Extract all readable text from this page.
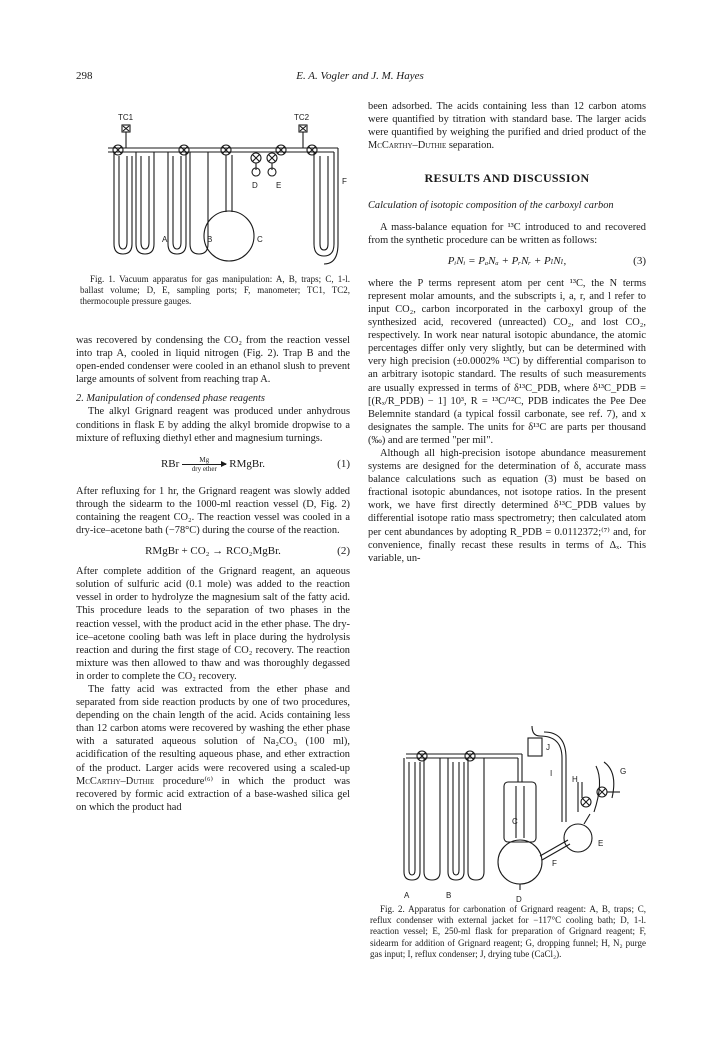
298	E. A. Vogler and J. M. Hayes
TC1	TC2
A	B	C
D E	F
Fig. 1. Vacuum apparatus for gas manipulation: A, B, traps; C, 1-l. ballast volume; D, E, sampling ports; F, manometer; TC1, TC2, thermocouple pressure gauges.

was recovered by condensing the CO₂ from the reaction vessel into trap A, cooled in liquid nitrogen (Fig. 2). Trap B and the open-ended condenser were cooled in an ethanol slush to prevent large amounts of solvent from reaching trap A.

2. Manipulation of condensed phase reagents

The alkyl Grignard reagent was produced under anhydrous conditions in flask E by adding the alkyl bromide dropwise to a mixture of refluxing diethyl ether and magnesium turnings.

RBr	Mg
dry ether RMgBr.	(1)

After refluxing for 1 hr, the Grignard reagent was slowly added through the sidearm to the 1000-ml reaction vessel (D, Fig. 2) containing the reagent CO₂. The reaction vessel was cooled in a dry-ice–acetone bath (−78°C) during the course of the reaction.

RMgBr + CO₂ → RCO₂MgBr.	(2)

After complete addition of the Grignard reagent, an aqueous solution of sulfuric acid (0.1 mole) was added to the reaction vessel in order to hydrolyze the magnesium salt of the fatty acid. This procedure leads to the separation of two phases in the reaction vessel, with the product acid in the ether phase. The dry-ice–acetone cooling bath was left in place during the hydrolysis reaction and during the first stage of CO₂ recovery. The reaction mixture was then allowed to thaw and was thoroughly degassed in order to complete the CO₂ recovery.

The fatty acid was extracted from the ether phase and separated from side reaction products by one of two procedures, depending on the chain length of the acid. Acids containing less than 12 carbon atoms were recovered by washing the ether phase with a saturated aqueous solution of Na₂CO₃ (100 ml), acidification of the resulting aqueous phase, and ether extraction of the product. Larger acids were recovered using a scaled-up McCarthy–Duthie procedure⁽⁶⁾ in which the product was recovered by formic acid extraction of a base-washed silica gel on which the product had

been adsorbed. The acids containing less than 12 carbon atoms were quantified by titration with standard base. The larger acids were quantified by weighing the purified and dried product of the McCarthy–Duthie separation.

RESULTS AND DISCUSSION

Calculation of isotopic composition of the carboxyl carbon

A mass-balance equation for ¹³C introduced to and recovered from the synthetic procedure can be written as follows:

PᵢNᵢ = PₐNₐ + PᵣNᵣ + PₗNₗ,	(3)

where the P terms represent atom per cent ¹³C, the N terms represent molar amounts, and the subscripts i, a, r, and l refer to input CO₂, carbon incorporated in the carboxyl group of the synthesized acid, recovered (unreacted) CO₂, and lost CO₂, respectively. In work near natural isotopic abundance, the atomic percentages differ only very slightly, but can be determined with very high precision (±0.0002% ¹³C) by differential comparison to an arbitrary isotopic standard. The results of such measurements are usually expressed in terms of δ¹³C_PDB, where δ¹³C_PDB = [(Rₓ/R_PDB) − 1] 10³, R = ¹³C/¹²C, PDB indicates the Pee Dee Belemnite standard (a typical fossil carbonate, see ref. 7), and x designates the sample. The units for δ¹³C are parts per thousand (‰) and are termed "per mil".

Although all high-precision isotope abundance measurement systems are designed for the determination of δ, accurate mass balance calculations such as equation (3) must be based on fractional isotopic abundances, not isotope ratios. In the present work, we have first directly determined δ¹³C_PDB values by differential isotope ratio mass spectrometry; then calculated atom per cent abundances by adopting R_PDB = 0.0112372;⁽⁷⁾ and, for convenience, finally recast these results in terms of Δₓ. This variable, un-

A	B
C
D
E
F
G
H
I
J
Fig. 2. Apparatus for carbonation of Grignard reagent: A, B, traps; C, reflux condenser with external jacket for −117°C cooling bath; D, 1-l. reaction vessel; E, 250-ml flask for preparation of Grignard reagent; F, sidearm for addition of Grignard reagent; G, dropping funnel; H, N₂ purge gas input; I, reflux condenser; J, drying tube (CaCl₂).
